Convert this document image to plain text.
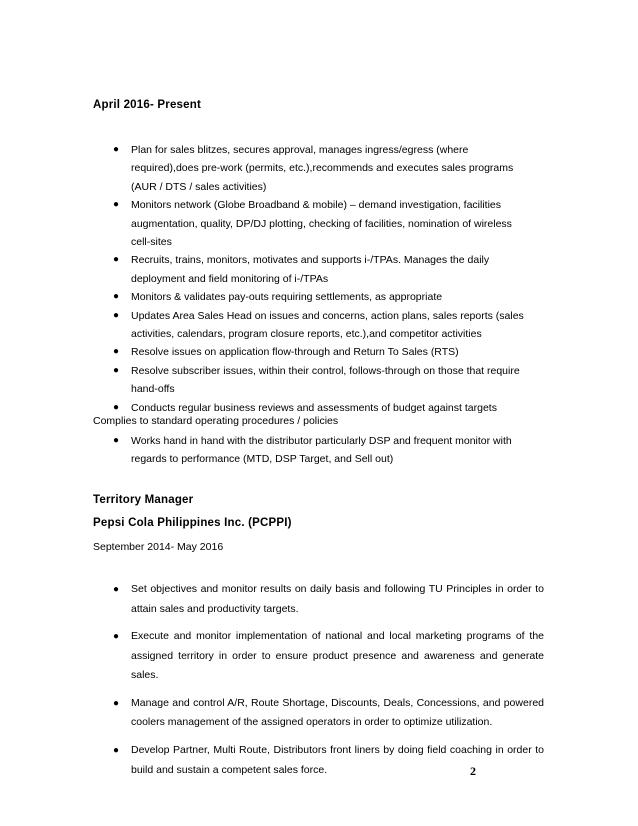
April 2016- Present
● Plan for sales blitzes, secures approval, manages ingress/egress (where required),does pre-work (permits, etc.),recommends and executes sales programs (AUR / DTS / sales activities)
● Monitors network (Globe Broadband & mobile) – demand investigation, facilities augmentation, quality, DP/DJ plotting, checking of facilities, nomination of wireless cell-sites
● Recruits, trains, monitors, motivates and supports i-/TPAs. Manages the daily deployment and field monitoring of i-/TPAs
● Monitors & validates pay-outs requiring settlements, as appropriate
● Updates Area Sales Head on issues and concerns, action plans, sales reports (sales activities, calendars, program closure reports, etc.),and competitor activities
● Resolve issues on application flow-through and Return To Sales (RTS)
● Resolve subscriber issues, within their control, follows-through on those that require hand-offs
● Conducts regular business reviews and assessments of budget against targets
Complies to standard operating procedures / policies
● Works hand in hand with the distributor particularly DSP and frequent monitor with regards to performance (MTD, DSP Target, and Sell out)
Territory Manager
Pepsi Cola Philippines Inc. (PCPPI)
September 2014- May 2016
● Set objectives and monitor results on daily basis and following TU Principles in order to attain sales and productivity targets.
● Execute and monitor implementation of national and local marketing programs of the assigned territory in order to ensure product presence and awareness and generate sales.
● Manage and control A/R, Route Shortage, Discounts, Deals, Concessions, and powered coolers management of the assigned operators in order to optimize utilization.
● Develop Partner, Multi Route, Distributors front liners by doing field coaching in order to build and sustain a competent sales force.	2
